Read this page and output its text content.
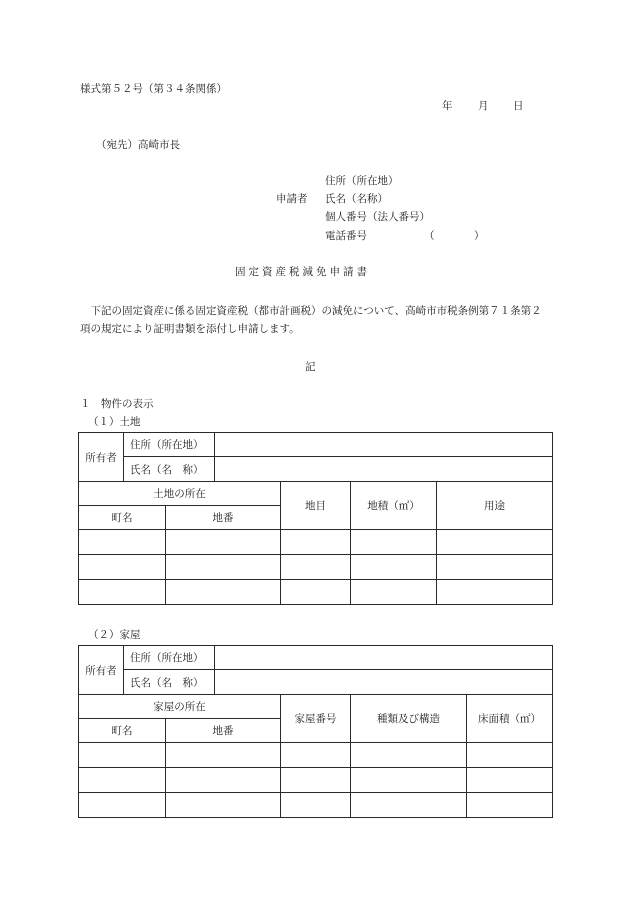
様式第５２号（第３４条関係）
年 月 日
（宛先）高崎市長
住所（所在地）
申請者 氏名（名称）
個人番号（法人番号）
電話番号	（	）
固定資産税減免申請書

下記の固定資産に係る固定資産税（都市計画税）の減免について、高崎市市税条例第７１条第２項の規定により証明書類を添付し申請します。

記
１　物件の表示
（１）土地
所有者	住所（所在地）					
	氏名（名　称）					
土地の所在				地目	地積（㎡）	用途
町名		地番				

（２）家屋
所有者	住所（所在地）					
	氏名（名　称）					
家屋の所在				家屋番号	種類及び構造	床面積（㎡）
町名		地番				
